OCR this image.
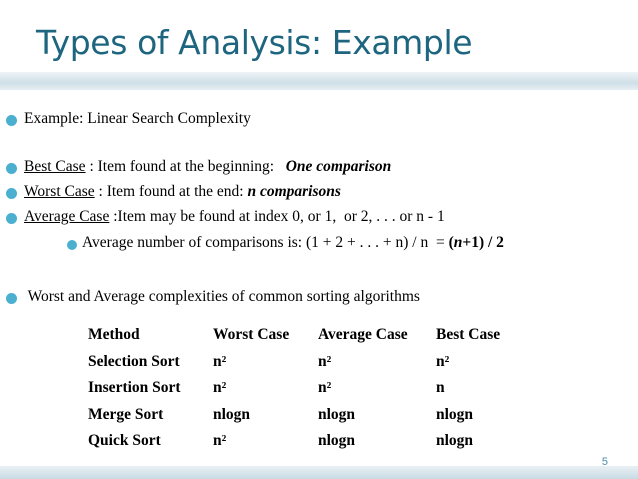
Types of Analysis: Example
Example: Linear Search Complexity
Best Case : Item found at the beginning:   One comparison
Worst Case : Item found at the end: n comparisons
Average Case :Item may be found at index 0, or 1,  or 2, . . . or n - 1
Average number of comparisons is: (1 + 2 + . . . + n) / n  = (n+1) / 2
Worst and Average complexities of common sorting algorithms
Method	Worst Case	Average Case	Best Case
Selection Sort	n²	n²	n²
Insertion Sort	n²	n²	n
Merge Sort	nlogn	nlogn	nlogn
Quick Sort	n²	nlogn	nlogn
5
